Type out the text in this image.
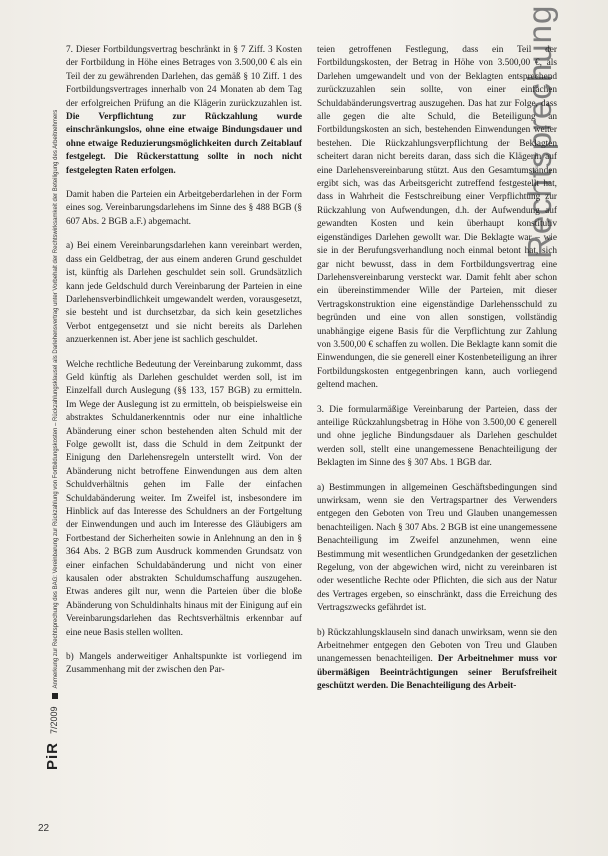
Rechtsprechung
PiR7/2009Anmerkung zur Rechtsprechung des BAG: Vereinbarung zur Rückzahlung von Fortbildungskosten – Rückzahlungsklausel als Darlehensvertrag unter Vorbehalt der Rechtswirksamkeit der Beteiligung des Arbeitnehmers

7. Dieser Fortbildungsvertrag beschränkt in § 7 Ziff. 3 Kosten der Fortbildung in Höhe eines Betrages von 3.500,00 € als ein Teil der zu gewährenden Darlehen, das gemäß § 10 Ziff. 1 des Fortbildungsvertrages innerhalb von 24 Monaten ab dem Tag der erfolgreichen Prüfung an die Klägerin zurückzuzahlen ist. Die Verpflichtung zur Rückzahlung wurde einschränkungslos, ohne eine etwaige Bindungsdauer und ohne etwaige Reduzierungsmöglichkeiten durch Zeitablauf festgelegt. Die Rückerstattung sollte in noch nicht festgelegten Raten erfolgen.

Damit haben die Parteien ein Arbeitgeberdarlehen in der Form eines sog. Vereinbarungsdarlehens im Sinne des § 488 BGB (§ 607 Abs. 2 BGB a.F.) abgemacht.

a) Bei einem Vereinbarungsdarlehen kann vereinbart werden, dass ein Geldbetrag, der aus einem anderen Grund geschuldet ist, künftig als Darlehen geschuldet sein soll. Grundsätzlich kann jede Geldschuld durch Vereinbarung der Parteien in eine Darlehensverbindlichkeit umgewandelt werden, vorausgesetzt, sie besteht und ist durchsetzbar, da sich kein gesetzliches Verbot entgegensetzt und sie nicht bereits als Darlehen anzuerkennen ist. Aber jene ist sachlich geschuldet.

Welche rechtliche Bedeutung der Vereinbarung zukommt, dass Geld künftig als Darlehen geschuldet werden soll, ist im Einzelfall durch Auslegung (§§ 133, 157 BGB) zu ermitteln. Im Wege der Auslegung ist zu ermitteln, ob beispielsweise ein abstraktes Schuldanerkenntnis oder nur eine inhaltliche Abänderung einer schon bestehenden alten Schuld mit der Folge gewollt ist, dass die Schuld in dem Zeitpunkt der Einigung den Darlehensregeln unterstellt wird. Von der Abänderung nicht betroffene Einwendungen aus dem alten Schuldverhältnis gehen im Falle der einfachen Schuldabänderung weiter. Im Zweifel ist, insbesondere im Hinblick auf das Interesse des Schuldners an der Fortgeltung der Einwendungen und auch im Interesse des Gläubigers am Fortbestand der Sicherheiten sowie in Anlehnung an den in § 364 Abs. 2 BGB zum Ausdruck kommenden Grundsatz von einer einfachen Schuldabänderung und nicht von einer kausalen oder abstrakten Schuldumschaffung auszugehen. Etwas anderes gilt nur, wenn die Parteien über die bloße Abänderung von Schuldinhalts hinaus mit der Einigung auf ein Vereinbarungsdarlehen das Rechtsverhältnis erkennbar auf eine neue Basis stellen wollten.

b) Mangels anderweitiger Anhaltspunkte ist vorliegend im Zusammenhang mit der zwischen den Par-

teien getroffenen Festlegung, dass ein Teil der Fortbildungskosten, der Betrag in Höhe von 3.500,00 €, als Darlehen umgewandelt und von der Beklagten entsprechend zurückzuzahlen sein sollte, von einer einfachen Schuldabänderungsvertrag auszugehen. Das hat zur Folge, dass alle gegen die alte Schuld, die Beteiligung an Fortbildungskosten an sich, bestehenden Einwendungen weiter bestehen. Die Rückzahlungsverpflichtung der Beklagten scheitert daran nicht bereits daran, dass sich die Klägerin auf eine Darlehensvereinbarung stützt. Aus den Gesamtumständen ergibt sich, was das Arbeitsgericht zutreffend festgestellt hat, dass in Wahrheit die Festschreibung einer Verpflichtung zur Rückzahlung von Aufwendungen, d.h. der Aufwendung auf gewandten Kosten und kein überhaupt konstitutiv eigenständiges Darlehen gewollt war. Die Beklagte war – wie sie in der Berufungsverhandlung noch einmal betont hat, sich gar nicht bewusst, dass in dem Fortbildungsvertrag eine Darlehensvereinbarung versteckt war. Damit fehlt aber schon ein übereinstimmender Wille der Parteien, mit dieser Vertragskonstruktion eine eigenständige Darlehensschuld zu begründen und eine von allen sonstigen, vollständig unabhängige eigene Basis für die Verpflichtung zur Zahlung von 3.500,00 € schaffen zu wollen. Die Beklagte kann somit die Einwendungen, die sie generell einer Kostenbeteiligung an ihrer Fortbildungskosten entgegenbringen kann, auch vorliegend geltend machen.

3. Die formularmäßige Vereinbarung der Parteien, dass der anteilige Rückzahlungsbetrag in Höhe von 3.500,00 € generell und ohne jegliche Bindungsdauer als Darlehen geschuldet werden soll, stellt eine unangemessene Benachteiligung der Beklagten im Sinne des § 307 Abs. 1 BGB dar.

a) Bestimmungen in allgemeinen Geschäftsbedingungen sind unwirksam, wenn sie den Vertragspartner des Verwenders entgegen den Geboten von Treu und Glauben unangemessen benachteiligen. Nach § 307 Abs. 2 BGB ist eine unangemessene Benachteiligung im Zweifel anzunehmen, wenn eine Bestimmung mit wesentlichen Grundgedanken der gesetzlichen Regelung, von der abgewichen wird, nicht zu vereinbaren ist oder wesentliche Rechte oder Pflichten, die sich aus der Natur des Vertrages ergeben, so einschränkt, dass die Erreichung des Vertragszwecks gefährdet ist.

b) Rückzahlungsklauseln sind danach unwirksam, wenn sie den Arbeitnehmer entgegen den Geboten von Treu und Glauben unangemessen benachteiligen. Der Arbeitnehmer muss vor übermäßigen Beeinträchtigungen seiner Berufsfreiheit geschützt werden. Die Benachteiligung des Arbeit-

22
